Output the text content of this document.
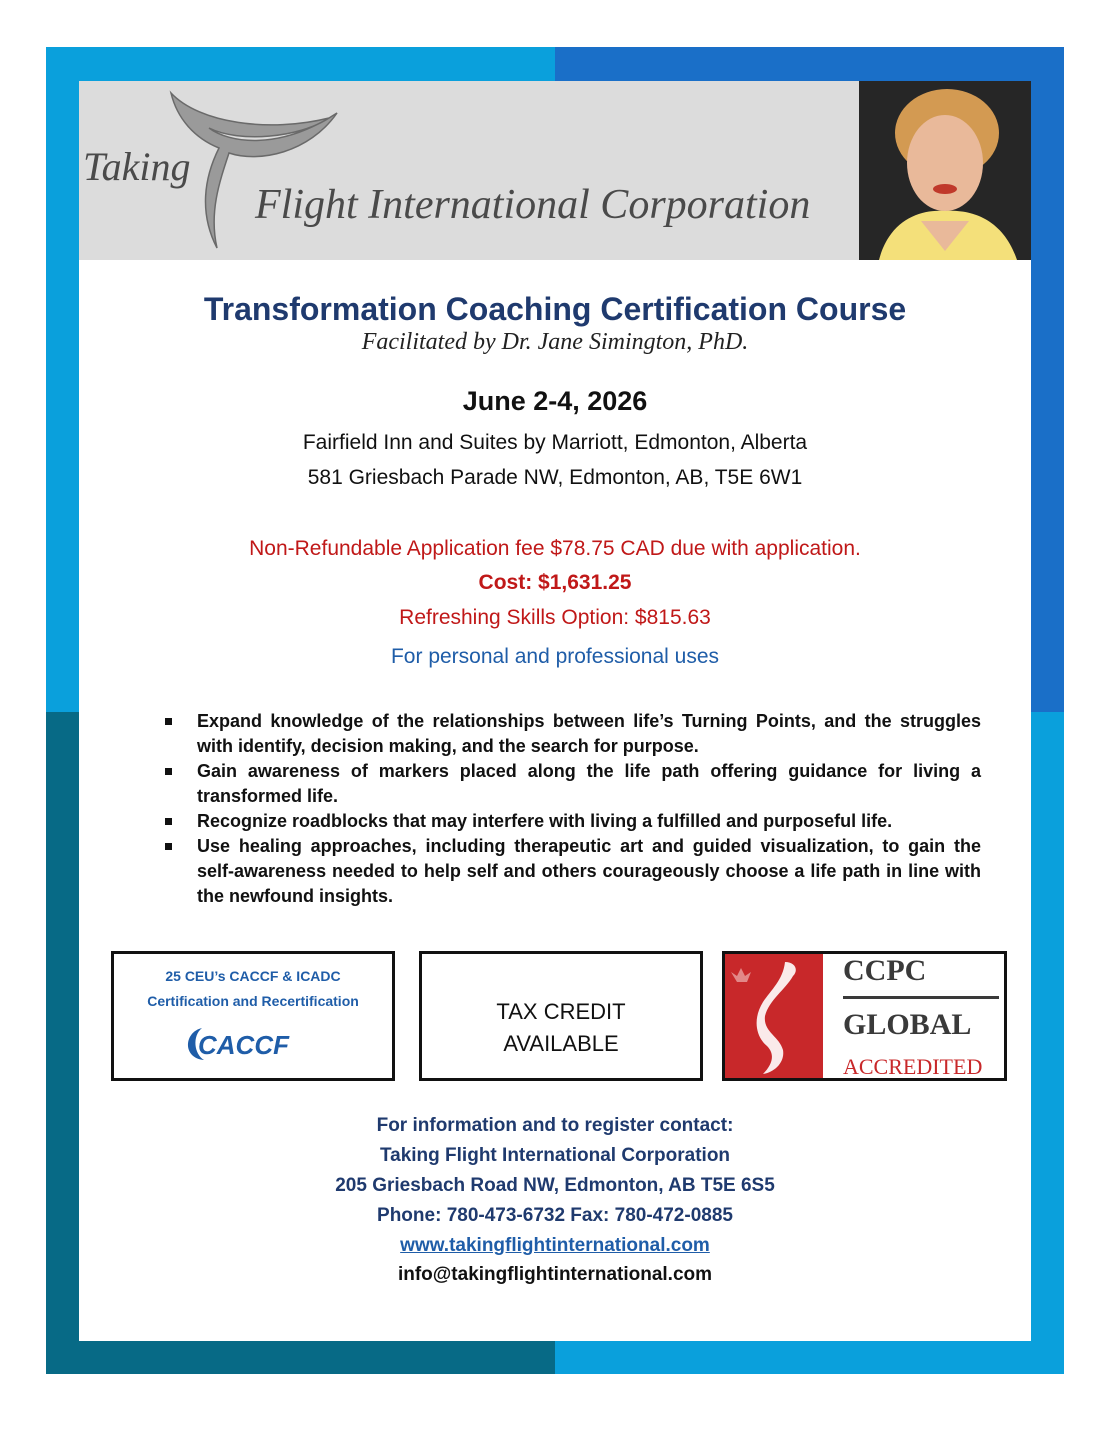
Taking
Flight International Corporation
Transformation Coaching Certification Course
Facilitated by Dr. Jane Simington, PhD.
June 2-4, 2026
Fairfield Inn and Suites by Marriott, Edmonton, Alberta
581 Griesbach Parade NW, Edmonton, AB, T5E 6W1
Non-Refundable Application fee $78.75 CAD due with application.
Cost: $1,631.25
Refreshing Skills Option: $815.63
For personal and professional uses
Expand knowledge of the relationships between life’s Turning Points, and the struggles with identify, decision making, and the search for purpose.
Gain awareness of markers placed along the life path offering guidance for living a transformed life.
Recognize roadblocks that may interfere with living a fulfilled and purposeful life.
Use healing approaches, including therapeutic art and guided visualization, to gain the self-awareness needed to help self and others courageously choose a life path in line with the newfound insights.
25 CEU’s CACCF & ICADC
Certification and Recertification
CACCF
TAX CREDIT
AVAILABLE
CCPC
GLOBAL
ACCREDITED
For information and to register contact:
Taking Flight International Corporation
205 Griesbach Road NW, Edmonton, AB T5E 6S5
Phone: 780-473-6732 Fax: 780-472-0885
www.takingflightinternational.com
info@takingflightinternational.com
